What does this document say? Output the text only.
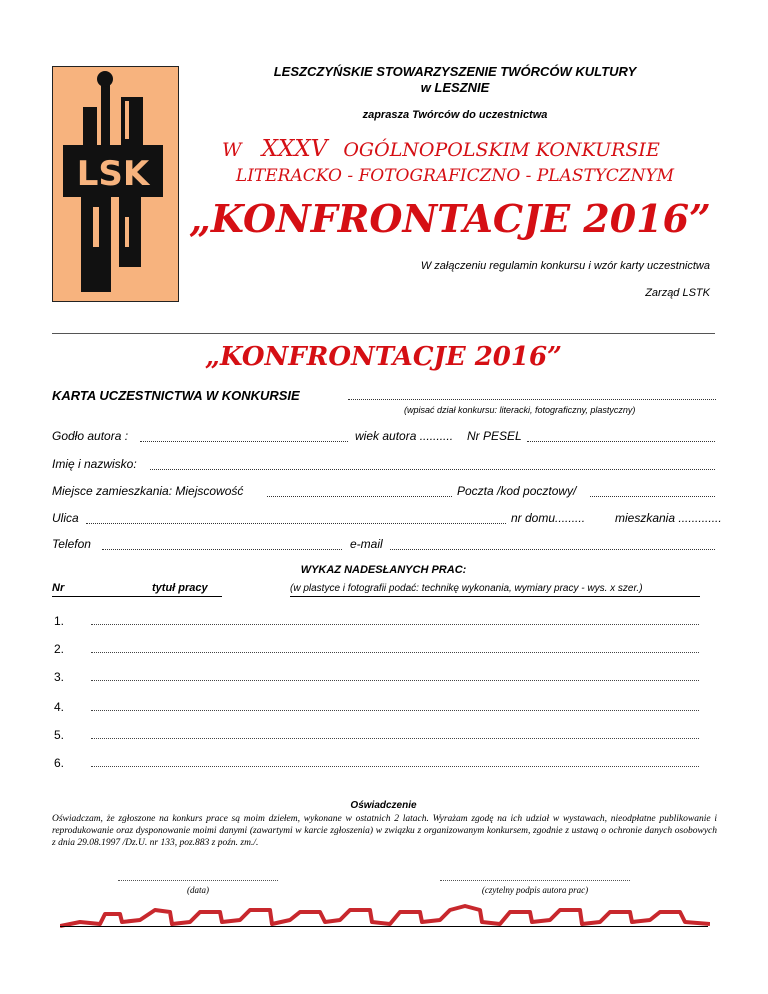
LSK
LESZCZYŃSKIE STOWARZYSZENIE TWÓRCÓW KULTURY
w LESZNIE
zaprasza Twórców do uczestnictwa
W XXXV OGÓLNOPOLSKIM KONKURSIE
LITERACKO - FOTOGRAFICZNO - PLASTYCZNYM
„KONFRONTACJE 2016”
W załączeniu regulamin konkursu i wzór karty uczestnictwa
Zarząd LSTK
„KONFRONTACJE 2016”
KARTA UCZESTNICTWA W KONKURSIE
(wpisać dział konkursu: literacki, fotograficzny, plastyczny)
Godło autora :	wiek autora .......... Nr PESEL
Imię i nazwisko:
Miejsce zamieszkania: Miejscowość	Poczta /kod pocztowy/
Ulica	nr domu......... mieszkania .............
Telefon	e-mail
WYKAZ NADESŁANYCH PRAC:
Nr	tytuł pracy	(w plastyce i fotografii podać: technikę wykonania, wymiary pracy - wys. x szer.)
1.
2.
3.
4.
5.
6.
Oświadczenie
Oświadczam, że zgłoszone na konkurs prace są moim dziełem, wykonane w ostatnich 2 latach. Wyrażam zgodę na ich udział w wystawach, nieodpłatne publikowanie i reprodukowanie oraz dysponowanie moimi danymi (zawartymi w karcie zgłoszenia) w związku z organizowanym konkursem, zgodnie z ustawą o ochronie danych osobowych z dnia 29.08.1997 /Dz.U. nr 133, poz.883 z poźn. zm./.
(data)	(czytelny podpis autora prac)
